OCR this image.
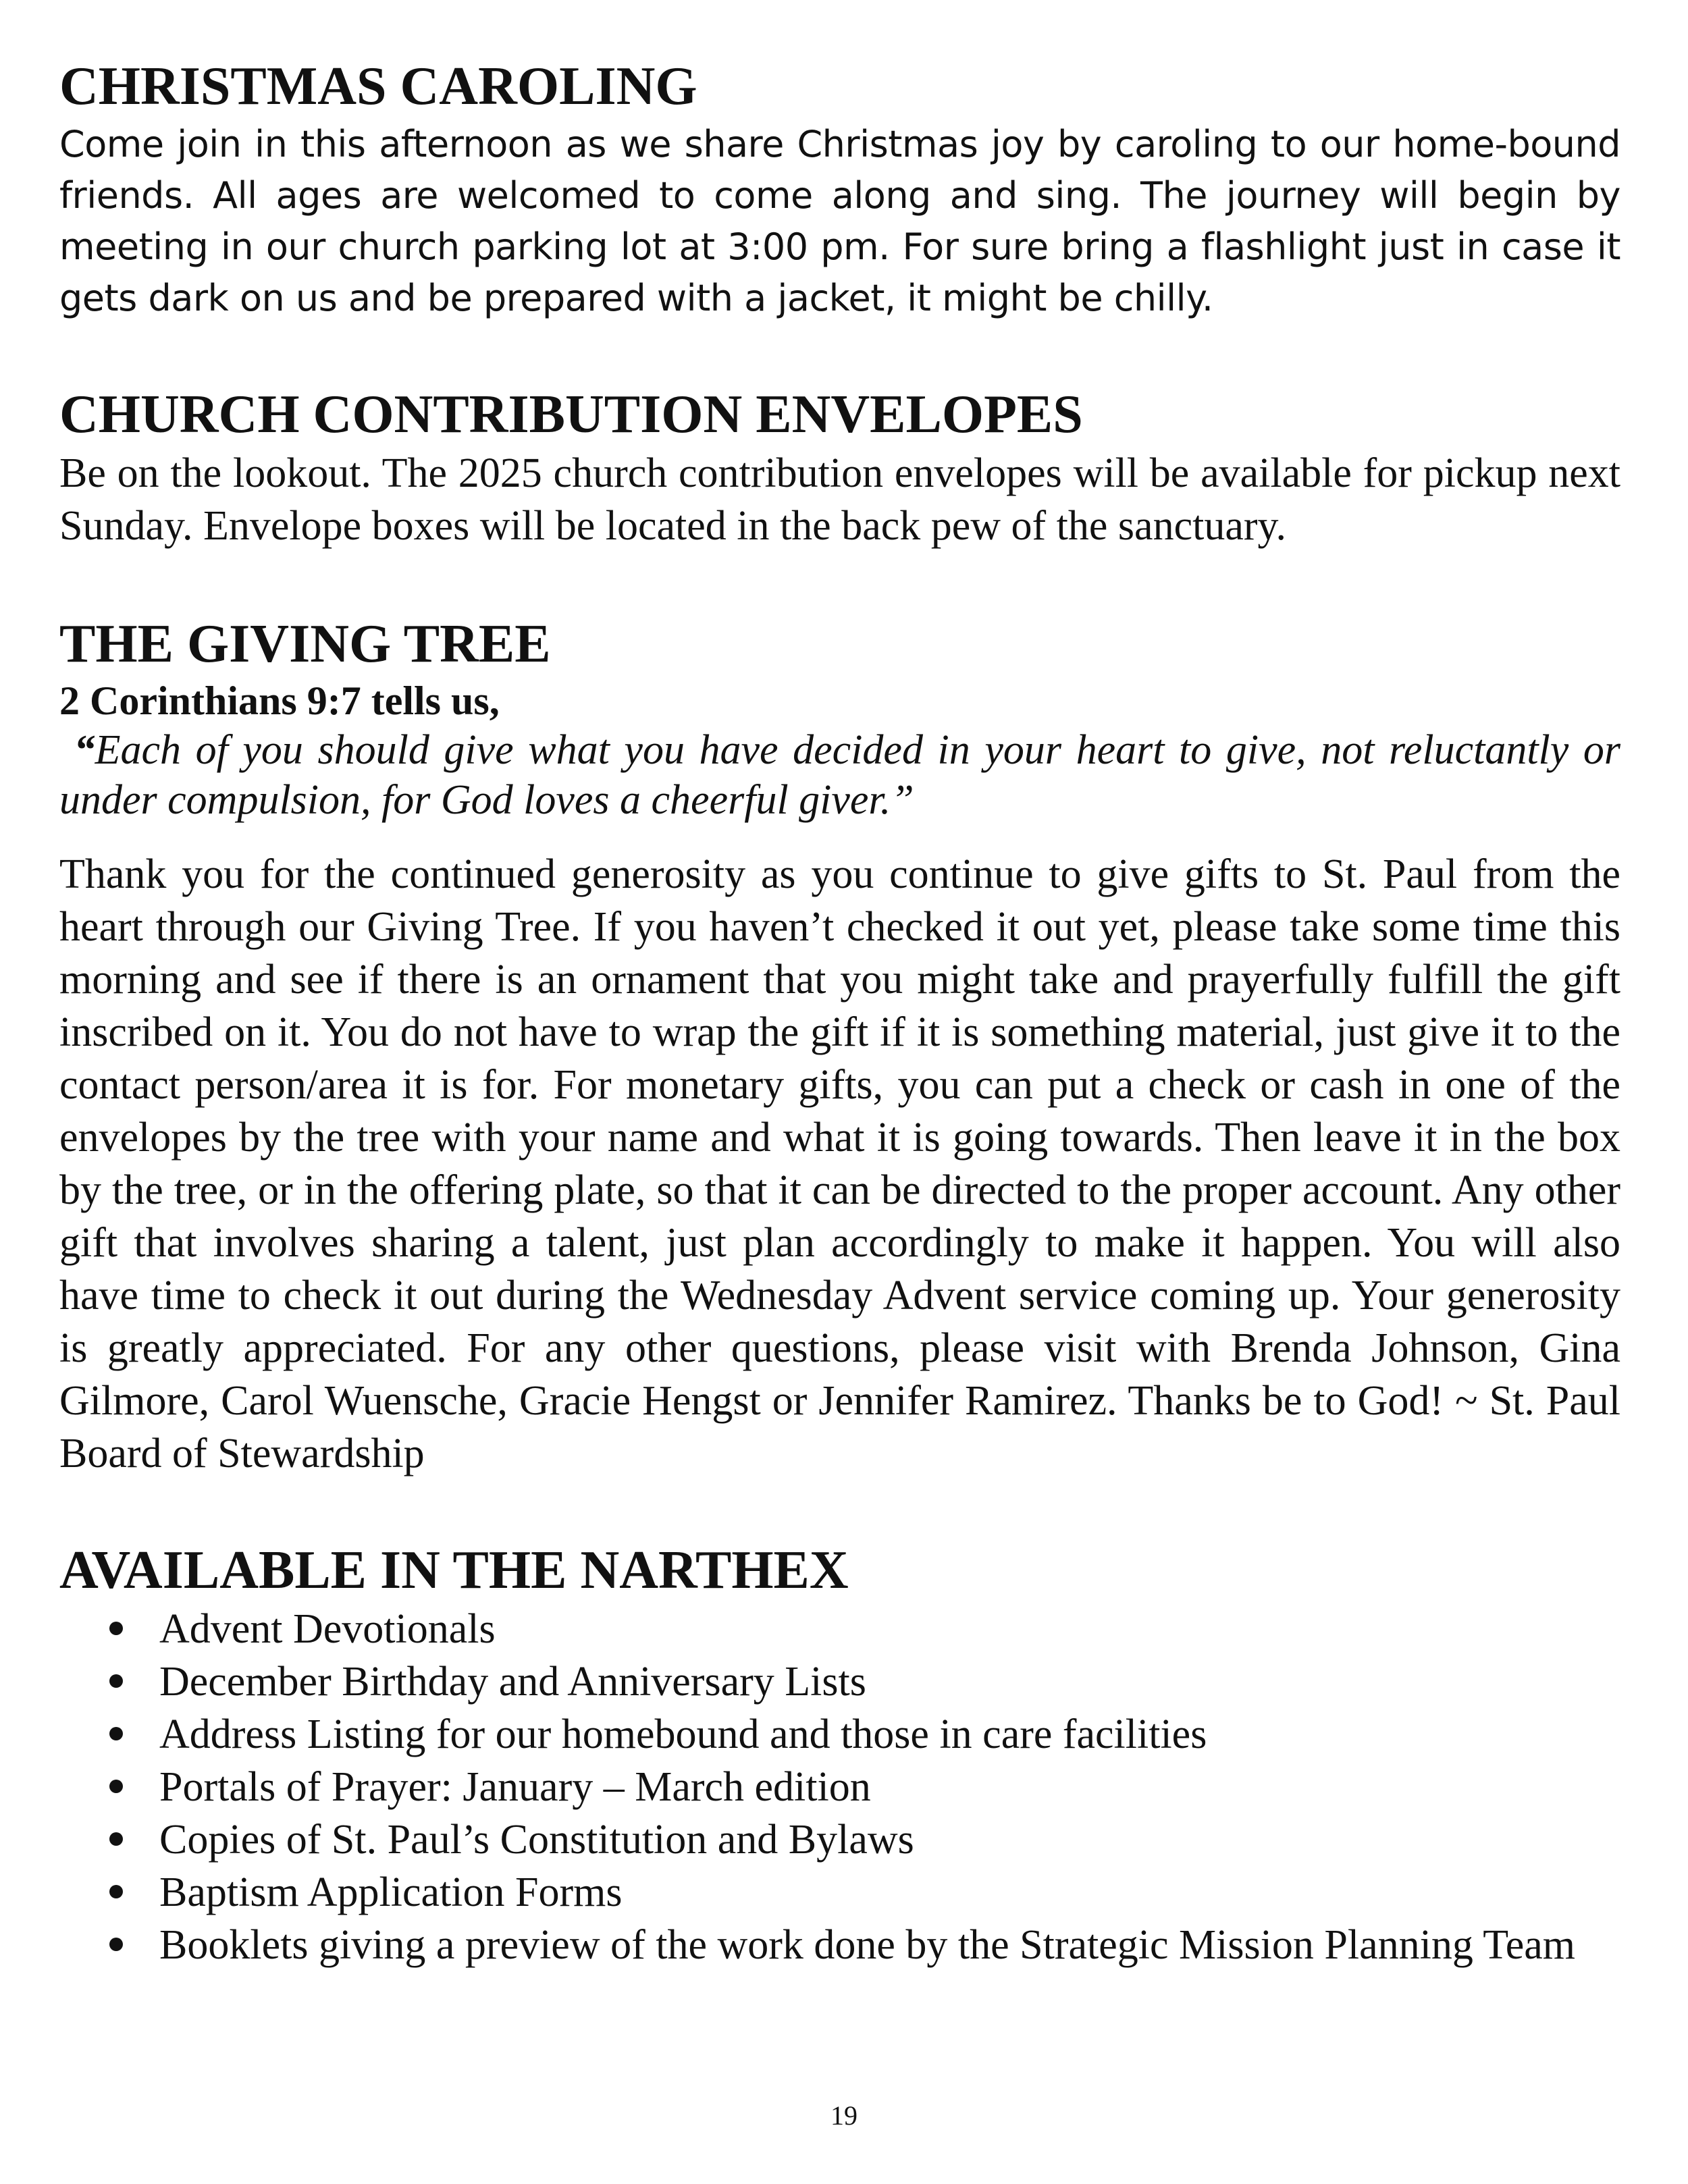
CHRISTMAS CAROLING

Come join in this afternoon as we share Christmas joy by caroling to our home-bound friends. All ages are welcomed to come along and sing. The journey will begin by meeting in our church parking lot at 3:00 pm. For sure bring a flashlight just in case it gets dark on us and be prepared with a jacket, it might be chilly.

CHURCH CONTRIBUTION ENVELOPES

Be on the lookout. The 2025 church contribution envelopes will be available for pickup next Sunday. Envelope boxes will be located in the back pew of the sanctuary.

THE GIVING TREE

2 Corinthians 9:7 tells us,

“Each of you should give what you have decided in your heart to give, not reluctantly or under compulsion, for God loves a cheerful giver.”

Thank you for the continued generosity as you continue to give gifts to St. Paul from the heart through our Giving Tree. If you haven’t checked it out yet, please take some time this morning and see if there is an ornament that you might take and prayerfully fulfill the gift inscribed on it. You do not have to wrap the gift if it is something material, just give it to the contact person/area it is for. For monetary gifts, you can put a check or cash in one of the envelopes by the tree with your name and what it is going towards. Then leave it in the box by the tree, or in the offering plate, so that it can be directed to the proper account. Any other gift that involves sharing a talent, just plan accordingly to make it happen. You will also have time to check it out during the Wednesday Advent service coming up. Your generosity is greatly appreciated. For any other questions, please visit with Brenda Johnson, Gina Gilmore, Carol Wuensche, Gracie Hengst or Jennifer Ramirez. Thanks be to God! ~ St. Paul Board of Stewardship

AVAILABLE IN THE NARTHEX
Advent Devotionals
December Birthday and Anniversary Lists
Address Listing for our homebound and those in care facilities
Portals of Prayer: January – March edition
Copies of St. Paul’s Constitution and Bylaws
Baptism Application Forms
Booklets giving a preview of the work done by the Strategic Mission Planning Team
19
